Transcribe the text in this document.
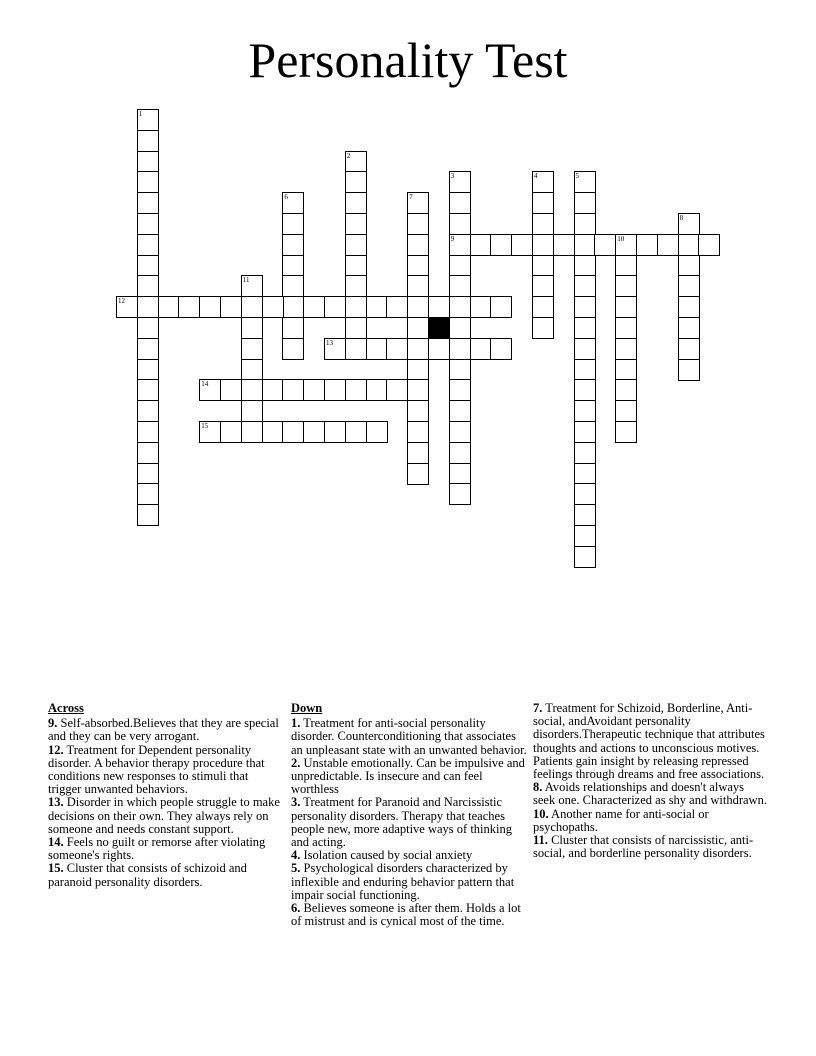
Personality Test
1
2
3
9
4	5
6	7
8
10
11
12
13
14
15
Across
9. Self-absorbed.Believes that they are special and they can be very arrogant.
12. Treatment for Dependent personality disorder. A behavior therapy procedure that conditions new responses to stimuli that trigger unwanted behaviors.
13. Disorder in which people struggle to make decisions on their own. They always rely on someone and needs constant support.
14. Feels no guilt or remorse after violating someone's rights.
15. Cluster that consists of schizoid and paranoid personality disorders.
Down
1. Treatment for anti-social personality disorder. Counterconditioning that associates an unpleasant state with an unwanted behavior.
2. Unstable emotionally. Can be impulsive and unpredictable. Is insecure and can feel worthless
3. Treatment for Paranoid and Narcissistic personality disorders. Therapy that teaches people new, more adaptive ways of thinking and acting.
4. Isolation caused by social anxiety
5. Psychological disorders characterized by inflexible and enduring behavior pattern that impair social functioning.
6. Believes someone is after them. Holds a lot of mistrust and is cynical most of the time.
7. Treatment for Schizoid, Borderline, Anti-social, andAvoidant personality disorders.Therapeutic technique that attributes thoughts and actions to unconscious motives. Patients gain insight by releasing repressed feelings through dreams and free associations.
8. Avoids relationships and doesn't always seek one. Characterized as shy and withdrawn.
10. Another name for anti-social or psychopaths.
11. Cluster that consists of narcissistic, anti-social, and borderline personality disorders.
